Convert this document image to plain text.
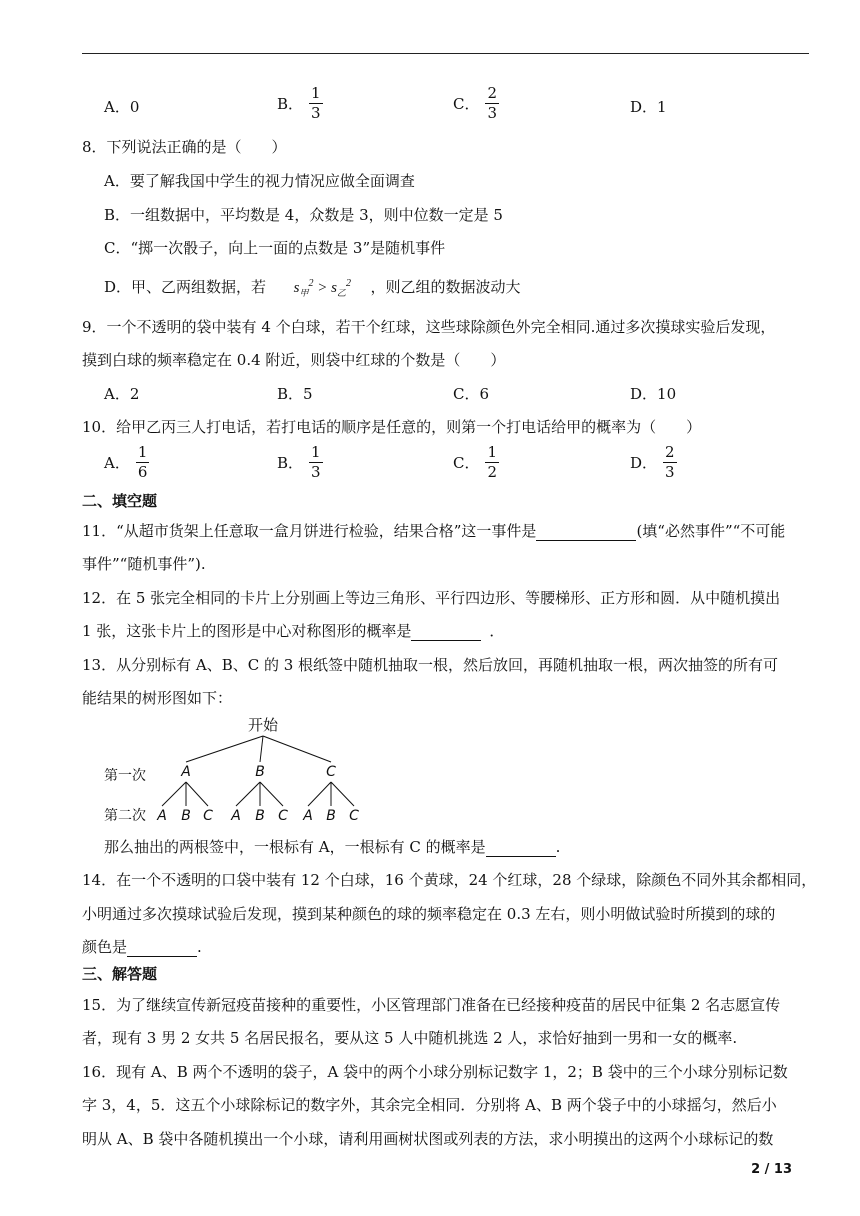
A． 0	B． $\frac{1}{3}$	C． $\frac{2}{3}$	D． 1
8．下列说法正确的是（　　）
A．要了解我国中学生的视力情况应做全面调查
B．一组数据中，平均数是 4，众数是 3，则中位数一定是 5
C．“掷一次骰子，向上一面的点数是 3”是随机事件
D．甲、乙两组数据，若 $s_甲^2 > s_乙^2$ ，则乙组的数据波动大
9．一个不透明的袋中装有 4 个白球，若干个红球，这些球除颜色外完全相同.通过多次摸球实验后发现，
摸到白球的频率稳定在 0.4 附近，则袋中红球的个数是（　　）
A．2	B．5	C．6	D．10
10．给甲乙丙三人打电话，若打电话的顺序是任意的，则第一个打电话给甲的概率为（　　）
A． $\frac{1}{6}$	B． $\frac{1}{3}$	C． $\frac{1}{2}$	D． $\frac{2}{3}$
二、填空题
11．“从超市货架上任意取一盒月饼进行检验，结果合格”这一事件是	(填“必然事件”“不可能
事件”“随机事件”).
12．在 5 张完全相同的卡片上分别画上等边三角形、平行四边形、等腰梯形、正方形和圆．从中随机摸出
1 张，这张卡片上的图形是中心对称图形的概率是	．
13．从分别标有 A、B、C 的 3 根纸签中随机抽取一根，然后放回，再随机抽取一根，两次抽签的所有可
能结果的树形图如下：
开始
第一次	A	B	C
第二次 A B C A B C A B C
那么抽出的两根签中，一根标有 A，一根标有 C 的概率是	.
14．在一个不透明的口袋中装有 12 个白球，16 个黄球，24 个红球，28 个绿球，除颜色不同外其余都相同，
小明通过多次摸球试验后发现，摸到某种颜色的球的频率稳定在 0.3 左右，则小明做试验时所摸到的球的
颜色是	.
三、解答题
15．为了继续宣传新冠疫苗接种的重要性，小区管理部门准备在已经接种疫苗的居民中征集 2 名志愿宣传
者，现有 3 男 2 女共 5 名居民报名，要从这 5 人中随机挑选 2 人，求恰好抽到一男和一女的概率.
16．现有 A、B 两个不透明的袋子，A 袋中的两个小球分别标记数字 1，2；B 袋中的三个小球分别标记数
字 3，4，5．这五个小球除标记的数字外，其余完全相同．分别将 A、B 两个袋子中的小球摇匀，然后小
明从 A、B 袋中各随机摸出一个小球，请利用画树状图或列表的方法，求小明摸出的这两个小球标记的数
2 / 13
